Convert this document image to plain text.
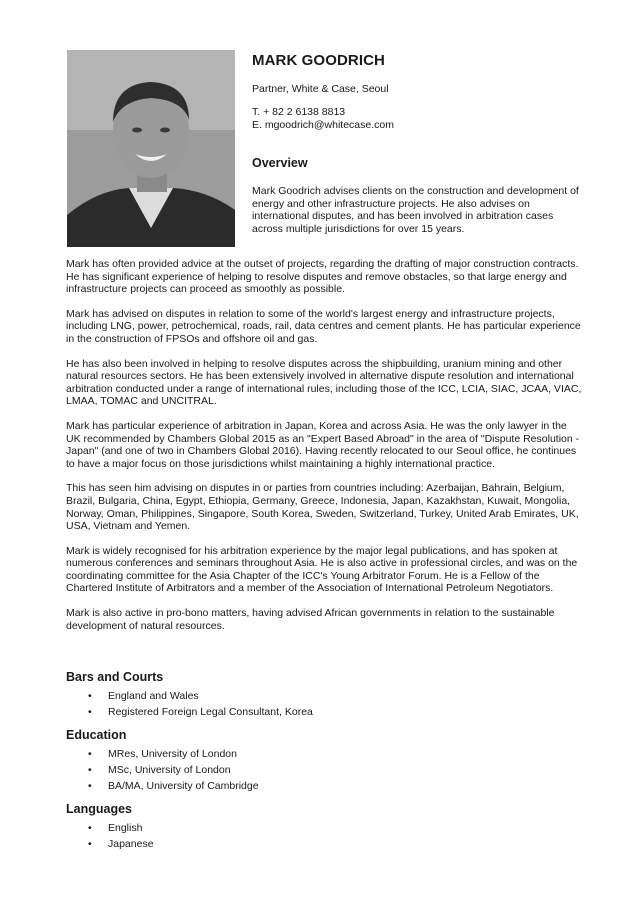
MARK GOODRICH
Partner, White & Case, Seoul
T. + 82 2 6138 8813
E. mgoodrich@whitecase.com
Overview
Mark Goodrich advises clients on the construction and development of energy and other infrastructure projects. He also advises on international disputes, and has been involved in arbitration cases across multiple jurisdictions for over 15 years.

Mark has often provided advice at the outset of projects, regarding the drafting of major construction contracts. He has significant experience of helping to resolve disputes and remove obstacles, so that large energy and infrastructure projects can proceed as smoothly as possible.

Mark has advised on disputes in relation to some of the world's largest energy and infrastructure projects, including LNG, power, petrochemical, roads, rail, data centres and cement plants. He has particular experience in the construction of FPSOs and offshore oil and gas.

He has also been involved in helping to resolve disputes across the shipbuilding, uranium mining and other natural resources sectors. He has been extensively involved in alternative dispute resolution and international arbitration conducted under a range of international rules, including those of the ICC, LCIA, SIAC, JCAA, VIAC, LMAA, TOMAC and UNCITRAL.

Mark has particular experience of arbitration in Japan, Korea and across Asia. He was the only lawyer in the UK recommended by Chambers Global 2015 as an "Expert Based Abroad" in the area of "Dispute Resolution - Japan" (and one of two in Chambers Global 2016). Having recently relocated to our Seoul office, he continues to have a major focus on those jurisdictions whilst maintaining a highly international practice.

This has seen him advising on disputes in or parties from countries including: Azerbaijan, Bahrain, Belgium, Brazil, Bulgaria, China, Egypt, Ethiopia, Germany, Greece, Indonesia, Japan, Kazakhstan, Kuwait, Mongolia, Norway, Oman, Philippines, Singapore, South Korea, Sweden, Switzerland, Turkey, United Arab Emirates, UK, USA, Vietnam and Yemen.

Mark is widely recognised for his arbitration experience by the major legal publications, and has spoken at numerous conferences and seminars throughout Asia. He is also active in professional circles, and was on the coordinating committee for the Asia Chapter of the ICC's Young Arbitrator Forum. He is a Fellow of the Chartered Institute of Arbitrators and a member of the Association of International Petroleum Negotiators.

Mark is also active in pro-bono matters, having advised African governments in relation to the sustainable development of natural resources.

Bars and Courts
• England and Wales
• Registered Foreign Legal Consultant, Korea
Education
• MRes, University of London
• MSc, University of London
• BA/MA, University of Cambridge
Languages
• English
• Japanese
